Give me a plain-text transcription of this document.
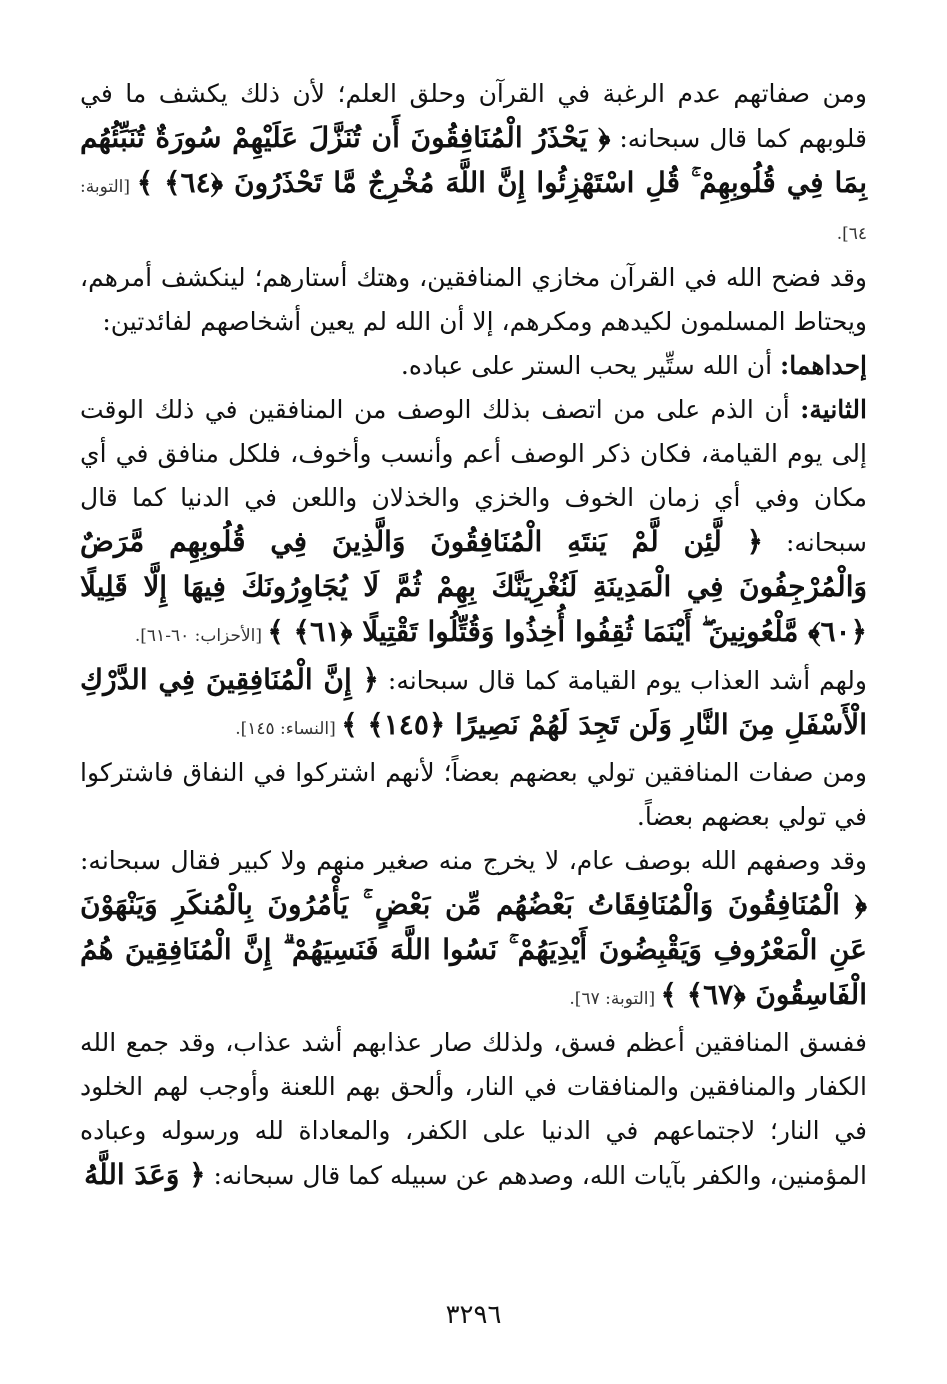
ومن صفاتهم عدم الرغبة في القرآن وحلق العلم؛ لأن ذلك يكشف ما في قلوبهم كما قال سبحانه: ﴿ يَحْذَرُ الْمُنَافِقُونَ أَن تُنَزَّلَ عَلَيْهِمْ سُورَةٌ تُنَبِّئُهُم بِمَا فِي قُلُوبِهِمْ ۚ قُلِ اسْتَهْزِئُوا إِنَّ اللَّهَ مُخْرِجٌ مَّا تَحْذَرُونَ ﴿٦٤﴾ ﴾ [التوبة: ٦٤].

وقد فضح الله في القرآن مخازي المنافقين، وهتك أستارهم؛ لينكشف أمرهم، ويحتاط المسلمون لكيدهم ومكرهم، إلا أن الله لم يعين أشخاصهم لفائدتين:

إحداهما: أن الله ستِّير يحب الستر على عباده.

الثانية: أن الذم على من اتصف بذلك الوصف من المنافقين في ذلك الوقت إلى يوم القيامة، فكان ذكر الوصف أعم وأنسب وأخوف، فلكل منافق في أي مكان وفي أي زمان الخوف والخزي والخذلان واللعن في الدنيا كما قال سبحانه: ﴿ لَّئِن لَّمْ يَنتَهِ الْمُنَافِقُونَ وَالَّذِينَ فِي قُلُوبِهِم مَّرَضٌ وَالْمُرْجِفُونَ فِي الْمَدِينَةِ لَنُغْرِيَنَّكَ بِهِمْ ثُمَّ لَا يُجَاوِرُونَكَ فِيهَا إِلَّا قَلِيلًا ﴿٦٠﴾ مَّلْعُونِينَ ۖ أَيْنَمَا ثُقِفُوا أُخِذُوا وَقُتِّلُوا تَقْتِيلًا ﴿٦١﴾ ﴾ [الأحزاب: ٦٠-٦١].

ولهم أشد العذاب يوم القيامة كما قال سبحانه: ﴿ إِنَّ الْمُنَافِقِينَ فِي الدَّرْكِ الْأَسْفَلِ مِنَ النَّارِ وَلَن تَجِدَ لَهُمْ نَصِيرًا ﴿١٤٥﴾ ﴾ [النساء: ١٤٥].

ومن صفات المنافقين تولي بعضهم بعضاً؛ لأنهم اشتركوا في النفاق فاشتركوا في تولي بعضهم بعضاً.

وقد وصفهم الله بوصف عام، لا يخرج منه صغير منهم ولا كبير فقال سبحانه: ﴿ الْمُنَافِقُونَ وَالْمُنَافِقَاتُ بَعْضُهُم مِّن بَعْضٍ ۚ يَأْمُرُونَ بِالْمُنكَرِ وَيَنْهَوْنَ عَنِ الْمَعْرُوفِ وَيَقْبِضُونَ أَيْدِيَهُمْ ۚ نَسُوا اللَّهَ فَنَسِيَهُمْ ۗ إِنَّ الْمُنَافِقِينَ هُمُ الْفَاسِقُونَ ﴿٦٧﴾ ﴾ [التوبة: ٦٧].

ففسق المنافقين أعظم فسق، ولذلك صار عذابهم أشد عذاب، وقد جمع الله الكفار والمنافقين والمنافقات في النار، وألحق بهم اللعنة وأوجب لهم الخلود في النار؛ لاجتماعهم في الدنيا على الكفر، والمعاداة لله ورسوله وعباده المؤمنين، والكفر بآيات الله، وصدهم عن سبيله كما قال سبحانه: ﴿ وَعَدَ اللَّهُ

٣٢٩٦
